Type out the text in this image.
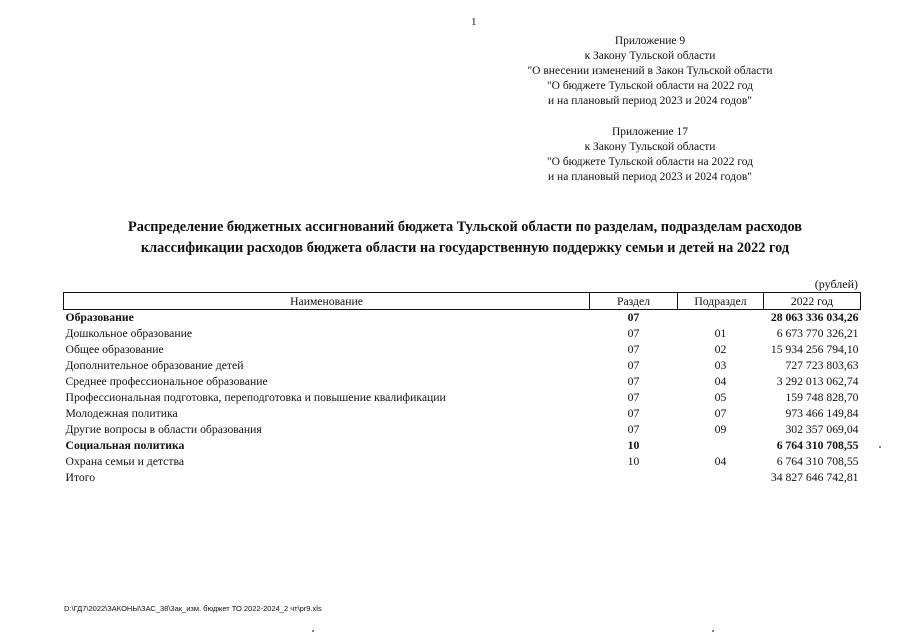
1
Приложение 9
к Закону Тульской области
"О внесении изменений в Закон Тульской области
"О бюджете Тульской области на 2022 год
и на плановый период 2023 и 2024 годов"
Приложение 17
к Закону Тульской области
"О бюджете Тульской области на 2022 год
и на плановый период 2023 и 2024 годов"
Распределение бюджетных ассигнований бюджета Тульской области по разделам, подразделам расходов
классификации расходов бюджета области на государственную поддержку семьи и детей на 2022 год
(рублей)
Наименование	Раздел	Подраздел	2022 год
Образование	07		28 063 336 034,26
Дошкольное образование	07	01	6 673 770 326,21
Общее образование	07	02	15 934 256 794,10
Дополнительное образование детей	07	03	727 723 803,63
Среднее профессиональное образование	07	04	3 292 013 062,74
Профессиональная подготовка, переподготовка и повышение квалификации	07	05	159 748 828,70
Молодежная политика	07	07	973 466 149,84
Другие вопросы в области образования	07	09	302 357 069,04
Социальная политика	10		6 764 310 708,55
Охрана семьи и детства	10	04	6 764 310 708,55
Итого			34 827 646 742,81
D:\ГД7\2022\ЗАКОНЫ\ЗАС_38\3ак_изм. бюджет ТО 2022-2024_2 чт\pr9.xls
